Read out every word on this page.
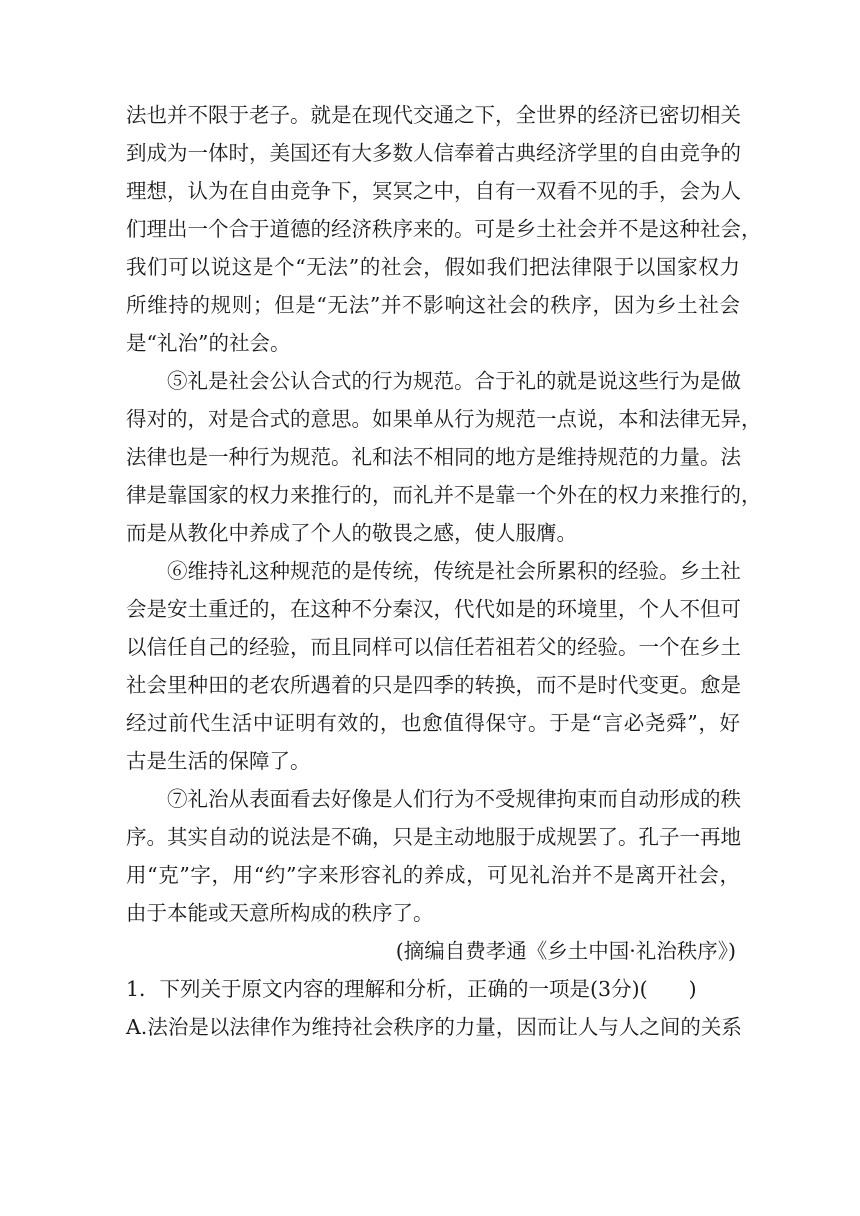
法也并不限于老子。就是在现代交通之下，全世界的经济已密切相关
到成为一体时，美国还有大多数人信奉着古典经济学里的自由竞争的
理想，认为在自由竞争下，冥冥之中，自有一双看不见的手，会为人
们理出一个合于道德的经济秩序来的。可是乡土社会并不是这种社会，
我们可以说这是个“无法”的社会，假如我们把法律限于以国家权力
所维持的规则；但是“无法”并不影响这社会的秩序，因为乡土社会
是“礼治”的社会。
⑤礼是社会公认合式的行为规范。合于礼的就是说这些行为是做
得对的，对是合式的意思。如果单从行为规范一点说，本和法律无异，
法律也是一种行为规范。礼和法不相同的地方是维持规范的力量。法
律是靠国家的权力来推行的，而礼并不是靠一个外在的权力来推行的，
而是从教化中养成了个人的敬畏之感，使人服膺。
⑥维持礼这种规范的是传统，传统是社会所累积的经验。乡土社
会是安土重迁的，在这种不分秦汉，代代如是的环境里，个人不但可
以信任自己的经验，而且同样可以信任若祖若父的经验。一个在乡土
社会里种田的老农所遇着的只是四季的转换，而不是时代变更。愈是
经过前代生活中证明有效的，也愈值得保守。于是“言必尧舜”，好
古是生活的保障了。
⑦礼治从表面看去好像是人们行为不受规律拘束而自动形成的秩
序。其实自动的说法是不确，只是主动地服于成规罢了。孔子一再地
用“克”字，用“约”字来形容礼的养成，可见礼治并不是离开社会，
由于本能或天意所构成的秩序了。
(摘编自费孝通《乡土中国·礼治秩序》)
1．下列关于原文内容的理解和分析，正确的一项是(3分)(　　)
A.法治是以法律作为维持社会秩序的力量，因而让人与人之间的关系
